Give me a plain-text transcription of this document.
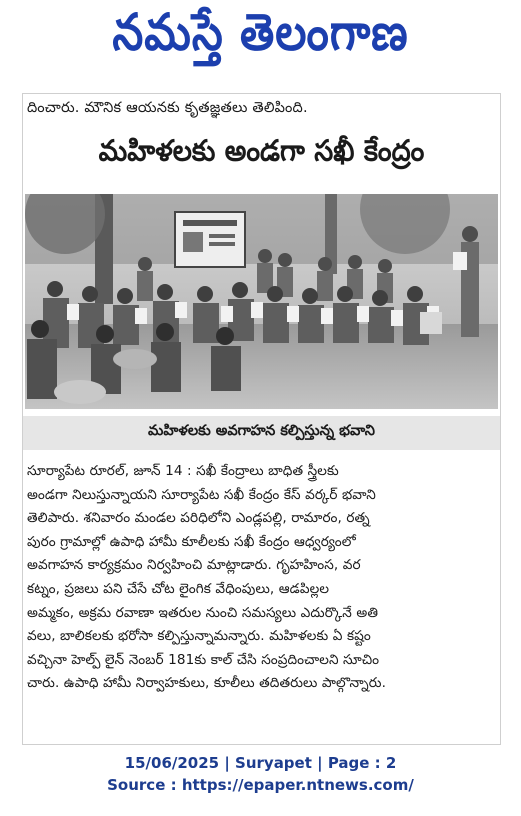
నమస్తే తెలంగాణ
దించారు. మౌనిక ఆయనకు కృతజ్ఞతలు తెలిపింది.
మహిళలకు అండగా సఖీ కేంద్రం
మహిళలకు అవగాహన కల్పిస్తున్న భవాని
సూర్యాపేట రూరల్, జూన్ 14 : సఖీ కేంద్రాలు బాధిత స్త్రీలకు
అండగా నిలుస్తున్నాయని సూర్యాపేట సఖీ కేంద్రం కేస్ వర్కర్ భవాని
తెలిపారు. శనివారం మండల పరిధిలోని ఎండ్లపల్లి, రామారం, రత్న
పురం గ్రామాల్లో ఉపాధి హామీ కూలీలకు సఖీ కేంద్రం ఆధ్వర్యంలో
అవగాహన కార్యక్రమం నిర్వహించి మాట్లాడారు. గృహహింస, వర
కట్నం, ప్రజలు పని చేసే చోట లైంగిక వేధింపులు, ఆడపిల్లల
అమ్మకం, అక్రమ రవాణా ఇతరుల నుంచి సమస్యలు ఎదుర్కొనే అతి
వలు, బాలికలకు భరోసా కల్పిస్తున్నామన్నారు. మహిళలకు ఏ కష్టం
వచ్చినా హెల్ప్ లైన్ నెంబర్ 181కు కాల్ చేసి సంప్రదించాలని సూచిం
చారు. ఉపాధి హామీ నిర్వాహకులు, కూలీలు తదితరులు పాల్గొన్నారు.
15/06/2025 | Suryapet | Page : 2
Source : https://epaper.ntnews.com/
